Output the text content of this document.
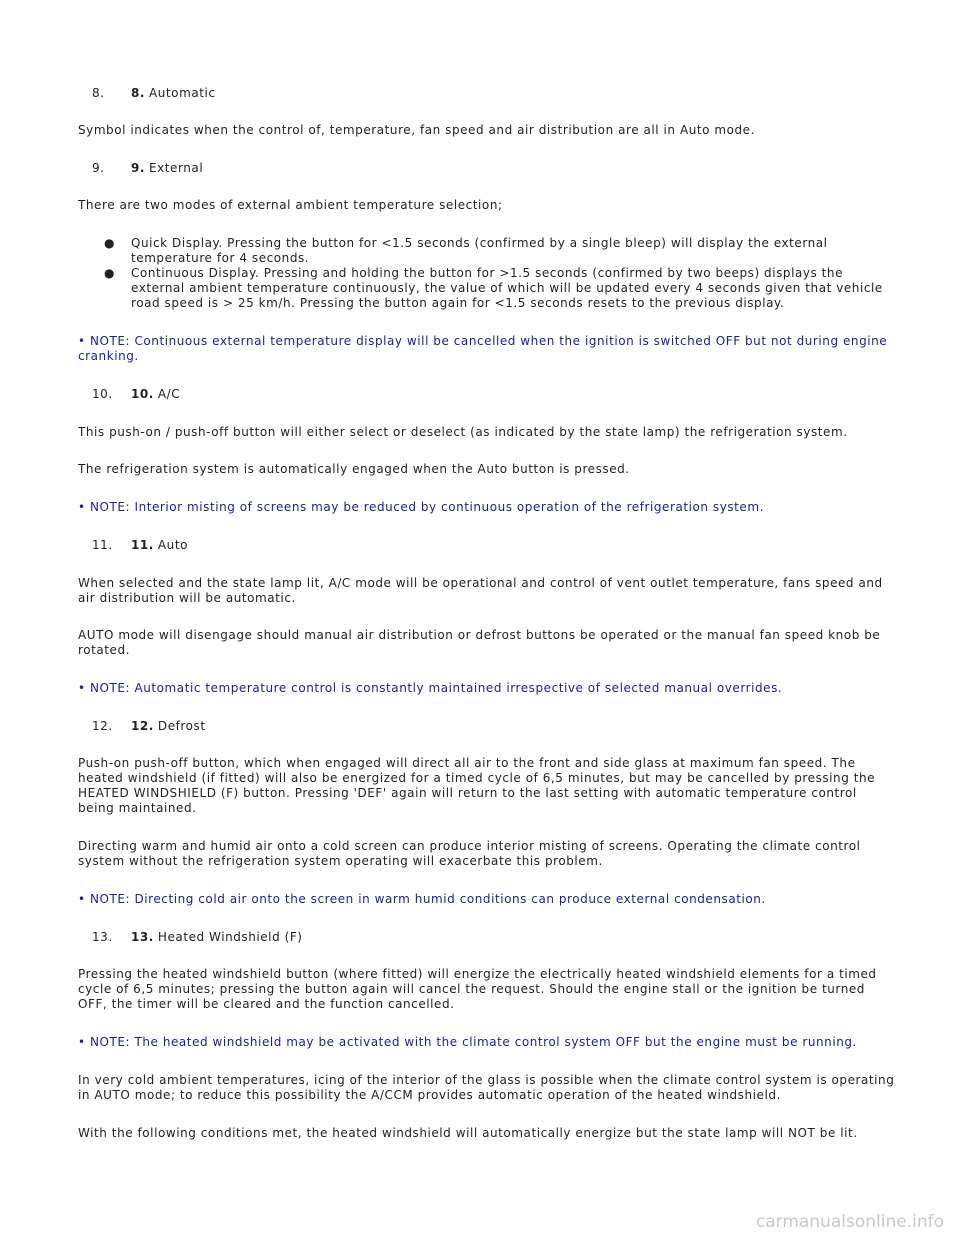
8. 8. Automatic
Symbol indicates when the control of, temperature, fan speed and air distribution are all in Auto mode.
9. 9. External
There are two modes of external ambient temperature selection;
● Quick Display. Pressing the button for <1.5 seconds (confirmed by a single bleep) will display the external
temperature for 4 seconds.
● Continuous Display. Pressing and holding the button for >1.5 seconds (confirmed by two beeps) displays the
external ambient temperature continuously, the value of which will be updated every 4 seconds given that vehicle
road speed is > 25 km/h. Pressing the button again for <1.5 seconds resets to the previous display.
• NOTE: Continuous external temperature display will be cancelled when the ignition is switched OFF but not during engine
cranking.
10. 10. A/C
This push-on / push-off button will either select or deselect (as indicated by the state lamp) the refrigeration system.
The refrigeration system is automatically engaged when the Auto button is pressed.
• NOTE: Interior misting of screens may be reduced by continuous operation of the refrigeration system.
11. 11. Auto
When selected and the state lamp lit, A/C mode will be operational and control of vent outlet temperature, fans speed and
air distribution will be automatic.
AUTO mode will disengage should manual air distribution or defrost buttons be operated or the manual fan speed knob be
rotated.
• NOTE: Automatic temperature control is constantly maintained irrespective of selected manual overrides.
12. 12. Defrost
Push-on push-off button, which when engaged will direct all air to the front and side glass at maximum fan speed. The
heated windshield (if fitted) will also be energized for a timed cycle of 6,5 minutes, but may be cancelled by pressing the
HEATED WINDSHIELD (F) button. Pressing 'DEF' again will return to the last setting with automatic temperature control
being maintained.
Directing warm and humid air onto a cold screen can produce interior misting of screens. Operating the climate control
system without the refrigeration system operating will exacerbate this problem.
• NOTE: Directing cold air onto the screen in warm humid conditions can produce external condensation.
13. 13. Heated Windshield (F)
Pressing the heated windshield button (where fitted) will energize the electrically heated windshield elements for a timed
cycle of 6,5 minutes; pressing the button again will cancel the request. Should the engine stall or the ignition be turned
OFF, the timer will be cleared and the function cancelled.
• NOTE: The heated windshield may be activated with the climate control system OFF but the engine must be running.
In very cold ambient temperatures, icing of the interior of the glass is possible when the climate control system is operating
in AUTO mode; to reduce this possibility the A/CCM provides automatic operation of the heated windshield.
With the following conditions met, the heated windshield will automatically energize but the state lamp will NOT be lit.
carmanualsonline.info
